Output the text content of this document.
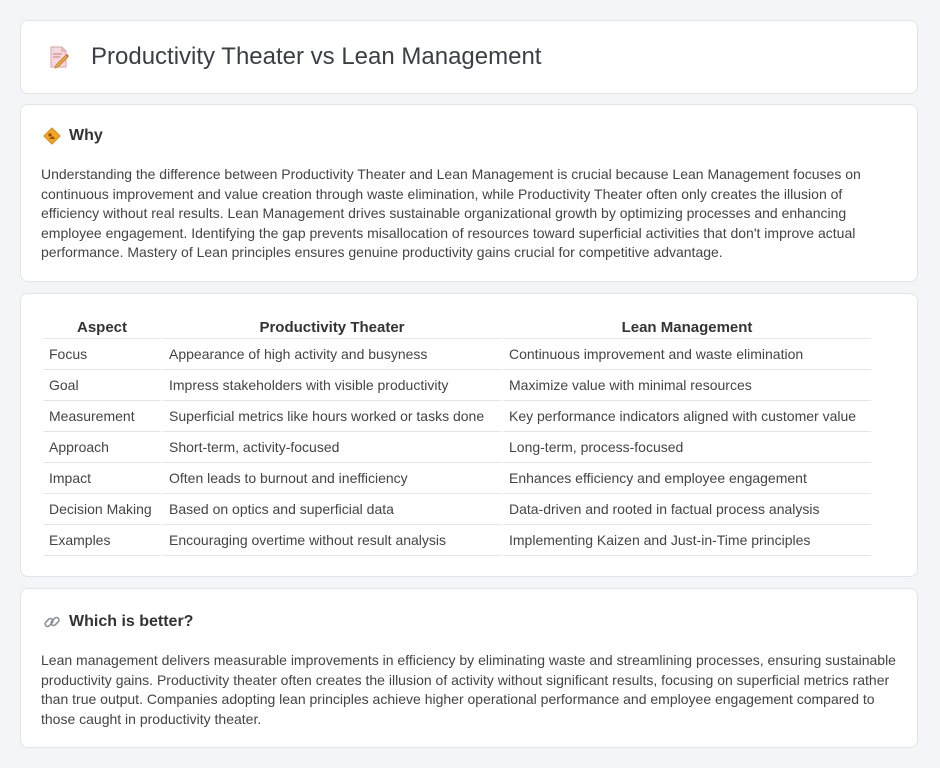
Productivity Theater vs Lean Management
Why

Understanding the difference between Productivity Theater and Lean Management is crucial because Lean Management focuses on continuous improvement and value creation through waste elimination, while Productivity Theater often only creates the illusion of efficiency without real results. Lean Management drives sustainable organizational growth by optimizing processes and enhancing employee engagement. Identifying the gap prevents misallocation of resources toward superficial activities that don't improve actual performance. Mastery of Lean principles ensures genuine productivity gains crucial for competitive advantage.

Aspect	Productivity Theater	Lean Management
Focus	Appearance of high activity and busyness	Continuous improvement and waste elimination
Goal	Impress stakeholders with visible productivity	Maximize value with minimal resources
Measurement	Superficial metrics like hours worked or tasks done	Key performance indicators aligned with customer value
Approach	Short-term, activity-focused	Long-term, process-focused
Impact	Often leads to burnout and inefficiency	Enhances efficiency and employee engagement
Decision Making	Based on optics and superficial data	Data-driven and rooted in factual process analysis
Examples	Encouraging overtime without result analysis	Implementing Kaizen and Just-in-Time principles
Which is better?

Lean management delivers measurable improvements in efficiency by eliminating waste and streamlining processes, ensuring sustainable productivity gains. Productivity theater often creates the illusion of activity without significant results, focusing on superficial metrics rather than true output. Companies adopting lean principles achieve higher operational performance and employee engagement compared to those caught in productivity theater.
